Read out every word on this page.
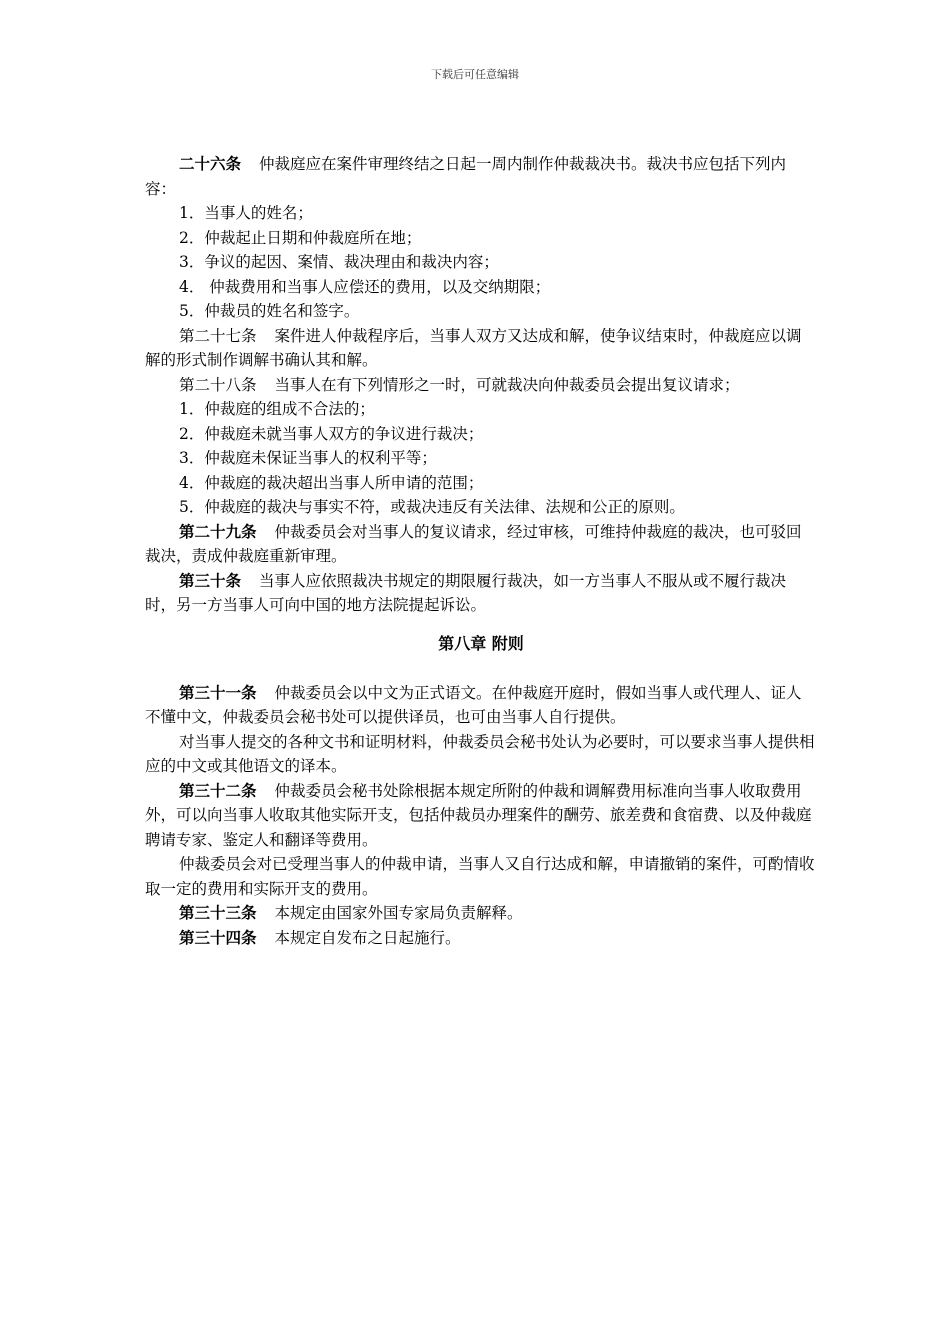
下载后可任意编辑

二十六条 仲裁庭应在案件审理终结之日起一周内制作仲裁裁决书。裁决书应包括下列内容：

1．当事人的姓名；

2．仲裁起止日期和仲裁庭所在地；

3．争议的起因、案情、裁决理由和裁决内容；

4． 仲裁费用和当事人应偿还的费用，以及交纳期限；

5．仲裁员的姓名和签字。

第二十七条 案件进人仲裁程序后，当事人双方又达成和解，使争议结束时，仲裁庭应以调解的形式制作调解书确认其和解。

第二十八条 当事人在有下列情形之一时，可就裁决向仲裁委员会提出复议请求；

1．仲裁庭的组成不合法的；

2．仲裁庭未就当事人双方的争议进行裁决；

3．仲裁庭未保证当事人的权利平等；

4．仲裁庭的裁决超出当事人所申请的范围；

5．仲裁庭的裁决与事实不符，或裁决违反有关法律、法规和公正的原则。

第二十九条 仲裁委员会对当事人的复议请求，经过审核，可维持仲裁庭的裁决，也可驳回裁决，责成仲裁庭重新审理。

第三十条 当事人应依照裁决书规定的期限履行裁决，如一方当事人不服从或不履行裁决时，另一方当事人可向中国的地方法院提起诉讼。

第八章 附则

第三十一条 仲裁委员会以中文为正式语文。在仲裁庭开庭时，假如当事人或代理人、证人不懂中文，仲裁委员会秘书处可以提供译员，也可由当事人自行提供。

对当事人提交的各种文书和证明材料，仲裁委员会秘书处认为必要时，可以要求当事人提供相应的中文或其他语文的译本。

第三十二条 仲裁委员会秘书处除根据本规定所附的仲裁和调解费用标准向当事人收取费用外，可以向当事人收取其他实际开支，包括仲裁员办理案件的酬劳、旅差费和食宿费、以及仲裁庭聘请专家、鉴定人和翻译等费用。

仲裁委员会对已受理当事人的仲裁申请，当事人又自行达成和解，申请撤销的案件，可酌情收取一定的费用和实际开支的费用。

第三十三条 本规定由国家外国专家局负责解释。

第三十四条 本规定自发布之日起施行。
